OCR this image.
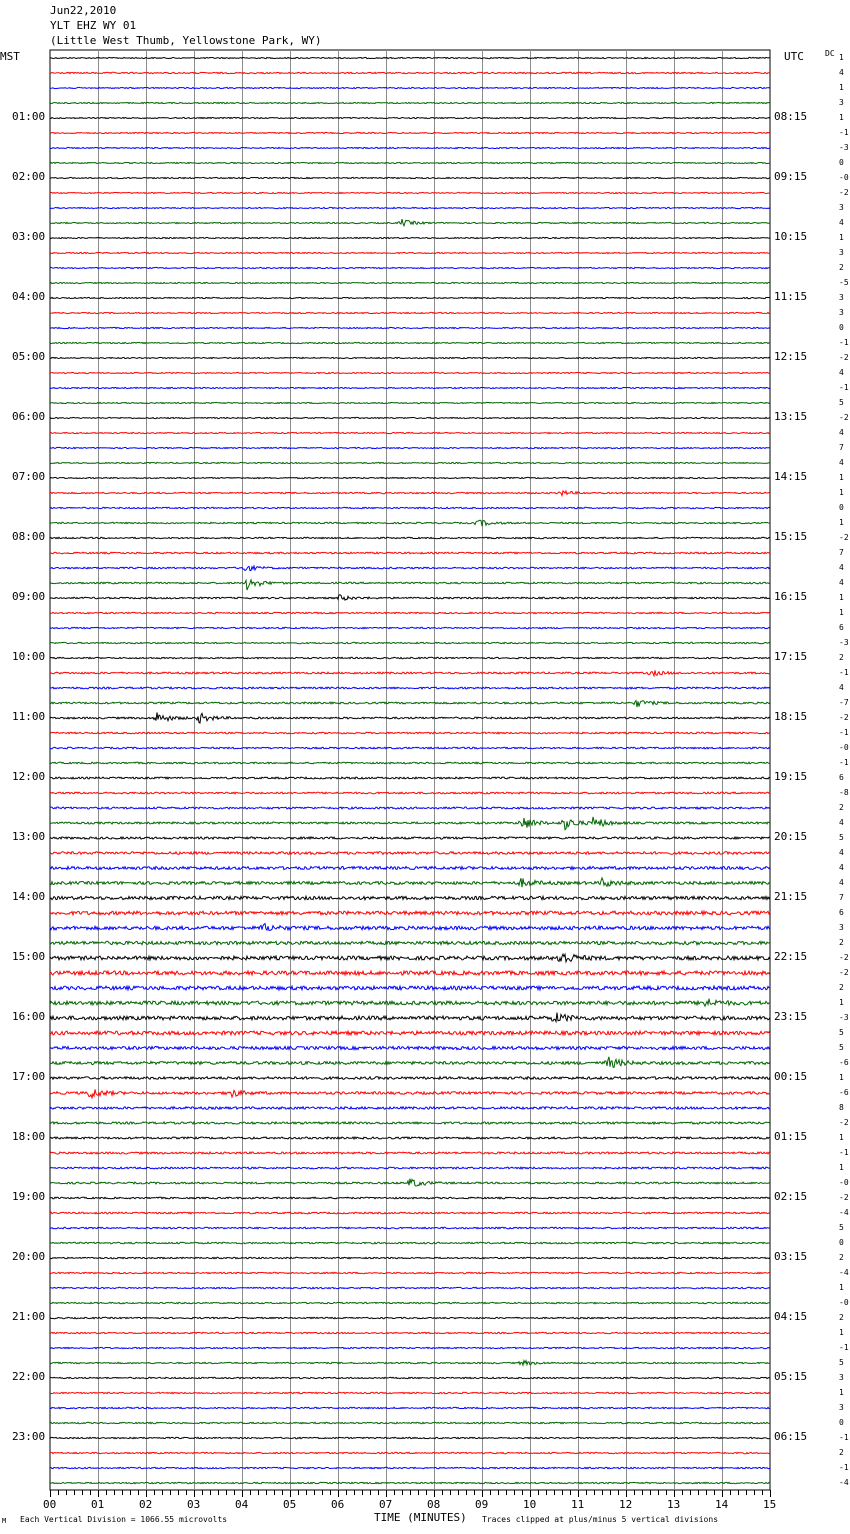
Jun22,2010
YLT EHZ WY 01
(Little West Thumb, Yellowstone Park, WY)
MST	UTC	DC 1
4
1
3
1
-1
-3
0
-0
-2
3
4
1
3
2
-5
3
3
0
-1
-2
4
-1
5
-2
4
7
4
1
1
0
1
-2
7
4
4
1
1
6
-3
2
-1
4
-7
-2
-1
-0
-1
6
-8
2
4
5
4
4
4
7
6
3
2
-2
-2
2
1
-3
5
5
-6
1
-6
8
-2
1
-1
1
-0
-2
-4
5
0
2
-4
1
-0
2
1
-1
5
3
1
3
0
-1
2
-1
-4
01:00	08:15
02:00	09:15
03:00	10:15
04:00	11:15
05:00	12:15
06:00	13:15
07:00	14:15
08:00	15:15
09:00	16:15
10:00	17:15
11:00	18:15
12:00	19:15
13:00	20:15
14:00	21:15
15:00	22:15
16:00	23:15
17:00	00:15
18:00	01:15
19:00	02:15
20:00	03:15
21:00	04:15
22:00	05:15
23:00	06:15
00	01	02	03	04	05	06	07	08	09	10	11	12	13	14	15
M Each Vertical Division = 1066.55 microvolts	TIME (MINUTES) Traces clipped at plus/minus 5 vertical divisions
